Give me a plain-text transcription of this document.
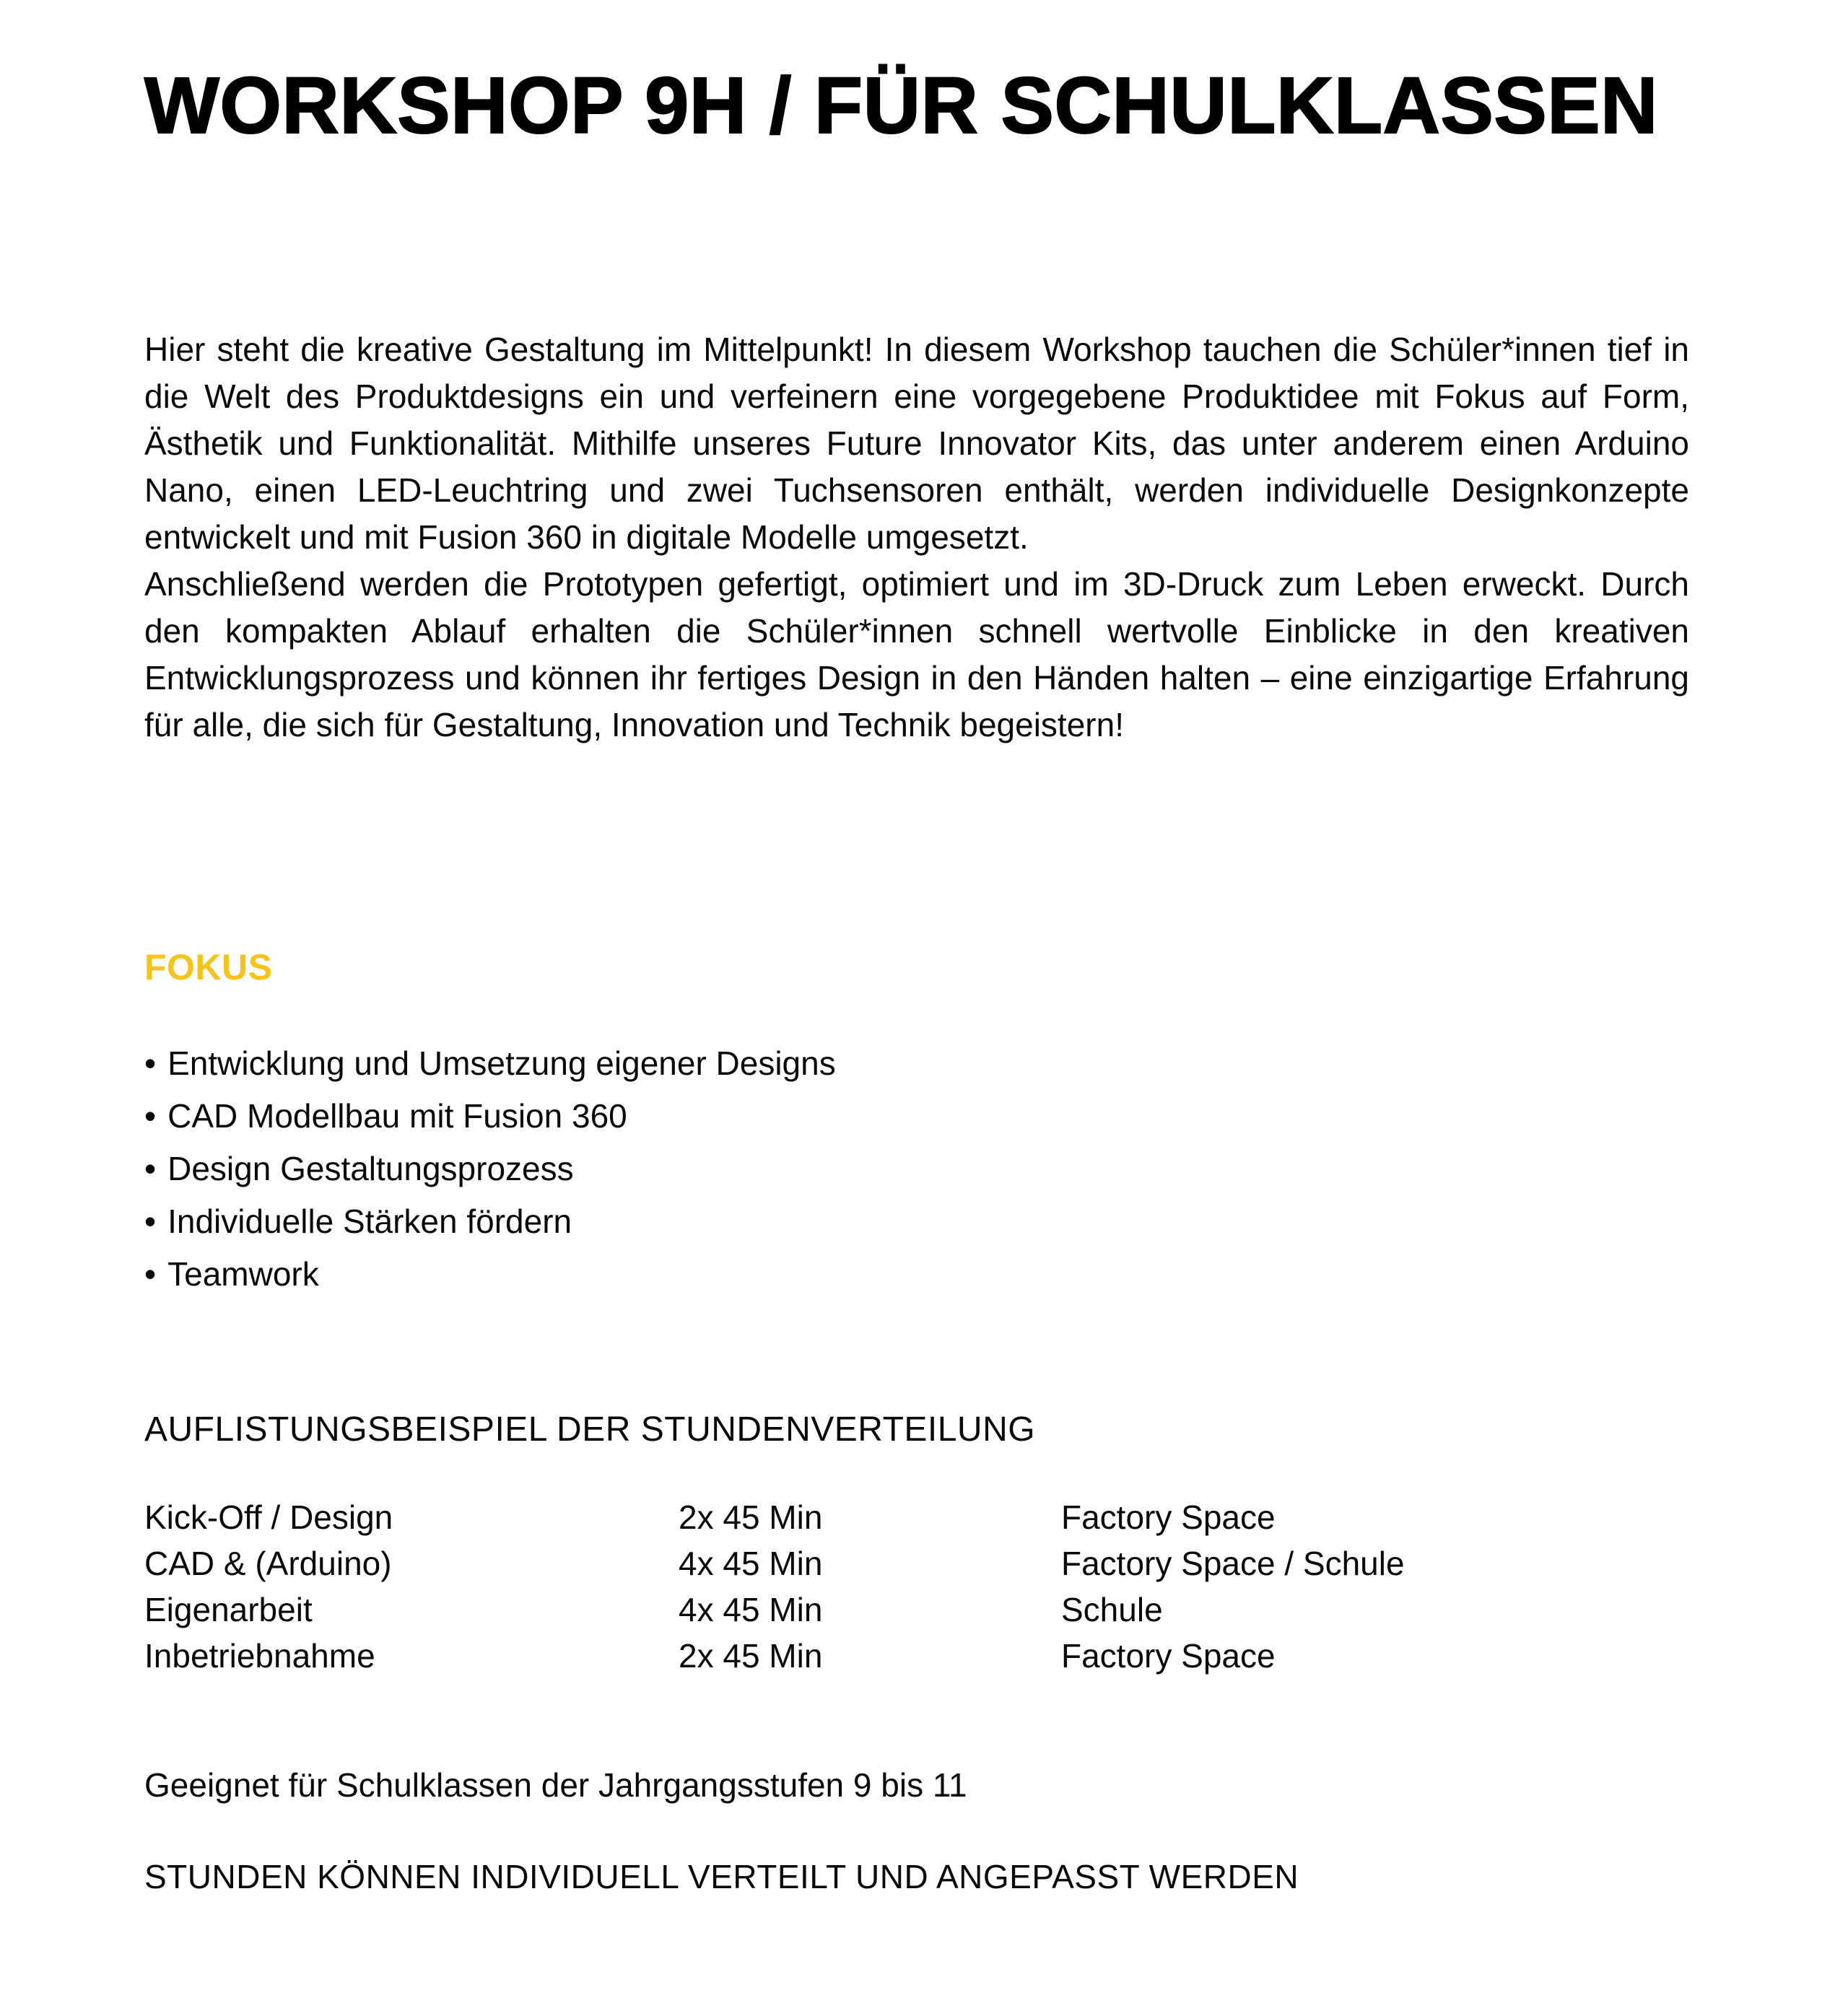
WORKSHOP 9H / FÜR SCHULKLASSEN

Hier steht die kreative Gestaltung im Mittelpunkt! In diesem Workshop tauchen die Schüler*innen tief in die Welt des Produktdesigns ein und verfeinern eine vorgegebene Produktidee mit Fokus auf Form, Ästhetik und Funktionalität. Mithilfe unseres Future Innovator Kits, das unter anderem einen Arduino Nano, einen LED-Leuchtring und zwei Tuchsensoren enthält, werden individuelle Designkonzepte entwickelt und mit Fusion 360 in digitale Modelle umgesetzt.

Anschließend werden die Prototypen gefertigt, optimiert und im 3D-Druck zum Leben erweckt. Durch den kompakten Ablauf erhalten die Schüler*innen schnell wertvolle Einblicke in den kreativen Entwicklungsprozess und können ihr fertiges Design in den Händen halten – eine einzigartige Erfahrung für alle, die sich für Gestaltung, Innovation und Technik begeistern!

FOKUS
• Entwicklung und Umsetzung eigener Designs
• CAD Modellbau mit Fusion 360
• Design Gestaltungsprozess
• Individuelle Stärken fördern
• Teamwork
AUFLISTUNGSBEISPIEL DER STUNDENVERTEILUNG
Kick-Off / Design	2x 45 Min	Factory Space
CAD & (Arduino)	4x 45 Min	Factory Space / Schule
Eigenarbeit	4x 45 Min	Schule
Inbetriebnahme	2x 45 Min	Factory Space

Geeignet für Schulklassen der Jahrgangsstufen 9 bis 11

STUNDEN KÖNNEN INDIVIDUELL VERTEILT UND ANGEPASST WERDEN
